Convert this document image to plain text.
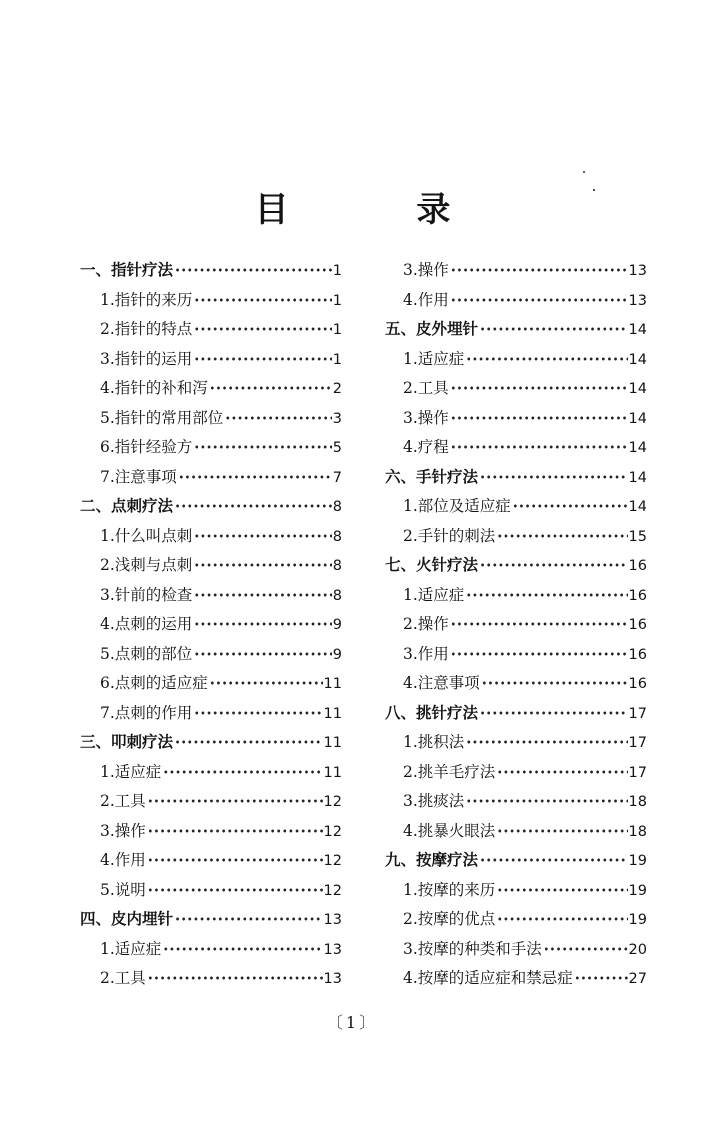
目 录
一、指针疗法 •••••	1
1.指针的来历 •••••	1
2.指针的特点 •••••	1
3.指针的运用 •••••	1
4.指针的补和泻 •••••	2
5.指针的常用部位 •••••	3
6.指针经验方 •••••	5
7.注意事项 •••••	7
二、点刺疗法 •••••	8
1.什么叫点刺 •••••	8
2.浅刺与点刺 •••••	8
3.针前的检查 •••••	8
4.点刺的运用 •••••	9
5.点刺的部位 •••••	9
6.点刺的适应症 •••••	11
7.点刺的作用 •••••	11
三、叩刺疗法 •••••	11
1.适应症 •••••	11
2.工具 •••••	12
3.操作 •••••	12
4.作用 •••••	12
5.说明 •••••	12
四、皮内埋针 •••••	13
1.适应症 •••••	13
2.工具 •••••	13
3.操作 •••••	13
4.作用 •••••	13
五、皮外埋针 •••••	14
1.适应症 •••••	14
2.工具 •••••	14
3.操作 •••••	14
4.疗程 •••••	14
六、手针疗法 •••••	14
1.部位及适应症 •••••	14
2.手针的刺法 •••••	15
七、火针疗法 •••••	16
1.适应症 •••••	16
2.操作 •••••	16
3.作用 •••••	16
4.注意事项 •••••	16
八、挑针疗法 •••••	17
1.挑积法 •••••	17
2.挑羊毛疗法 •••••	17
3.挑痰法 •••••	18
4.挑暴火眼法 •••••	18
九、按摩疗法 •••••	19
1.按摩的来历 •••••	19
2.按摩的优点 •••••	19
3.按摩的种类和手法 •••••	20
4.按摩的适应症和禁忌症 •••••	27
〔1〕
